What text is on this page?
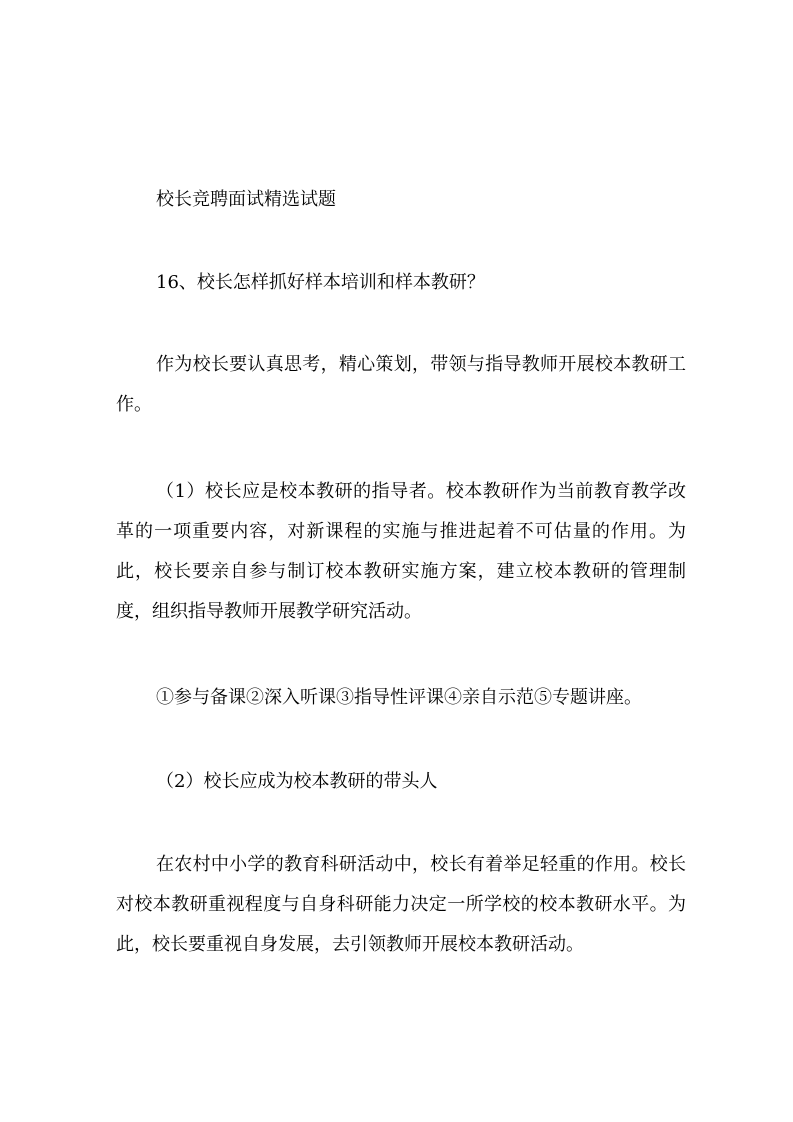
校长竞聘面试精选试题

16、校长怎样抓好样本培训和样本教研？

作为校长要认真思考，精心策划，带领与指导教师开展校本教研工作。

（1）校长应是校本教研的指导者。校本教研作为当前教育教学改革的一项重要内容，对新课程的实施与推进起着不可估量的作用。为此，校长要亲自参与制订校本教研实施方案，建立校本教研的管理制度，组织指导教师开展教学研究活动。

①参与备课②深入听课③指导性评课④亲自示范⑤专题讲座。

（2）校长应成为校本教研的带头人

在农村中小学的教育科研活动中，校长有着举足轻重的作用。校长对校本教研重视程度与自身科研能力决定一所学校的校本教研水平。为此，校长要重视自身发展，去引领教师开展校本教研活动。
